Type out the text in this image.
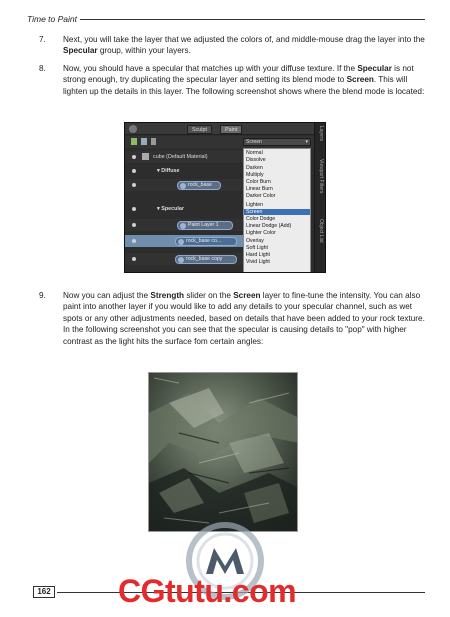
Time to Paint
7.	Next, you will take the layer that we adjusted the colors of, and middle-mouse drag the layer into the Specular group, within your layers.
8.	Now, you should have a specular that matches up with your diffuse texture. If the Specular is not strong enough, try duplicating the specular layer and setting its blend mode to Screen. This will lighten up the details in this layer. The following screenshot shows where the blend mode is located:
Sculpt	Paint
Screen	▾
cube (Default Material)
▾ Diffuse
rock_base
▾ Specular
Paint Layer 1
rock_base co...
rock_base copy
Normal
Dissolve
Darken
Multiply
Color Burn
Linear Burn
Darker Color
Lighten
Screen
Color Dodge
Linear Dodge (Add)
Lighter Color
Overlay
Soft Light
Hard Light
Vivid Light
Layers
Viewport Filters
Object List
9.	Now you can adjust the Strength slider on the Screen layer to fine-tune the intensity. You can also paint into another layer if you would like to add any details to your specular channel, such as wet spots or any other adjustments needed, based on details that have been added to your rock texture. In the following screenshot you can see that the specular is causing details to "pop" with higher contrast as the light hits the surface fom certain angles:
162 CGtutu.com
